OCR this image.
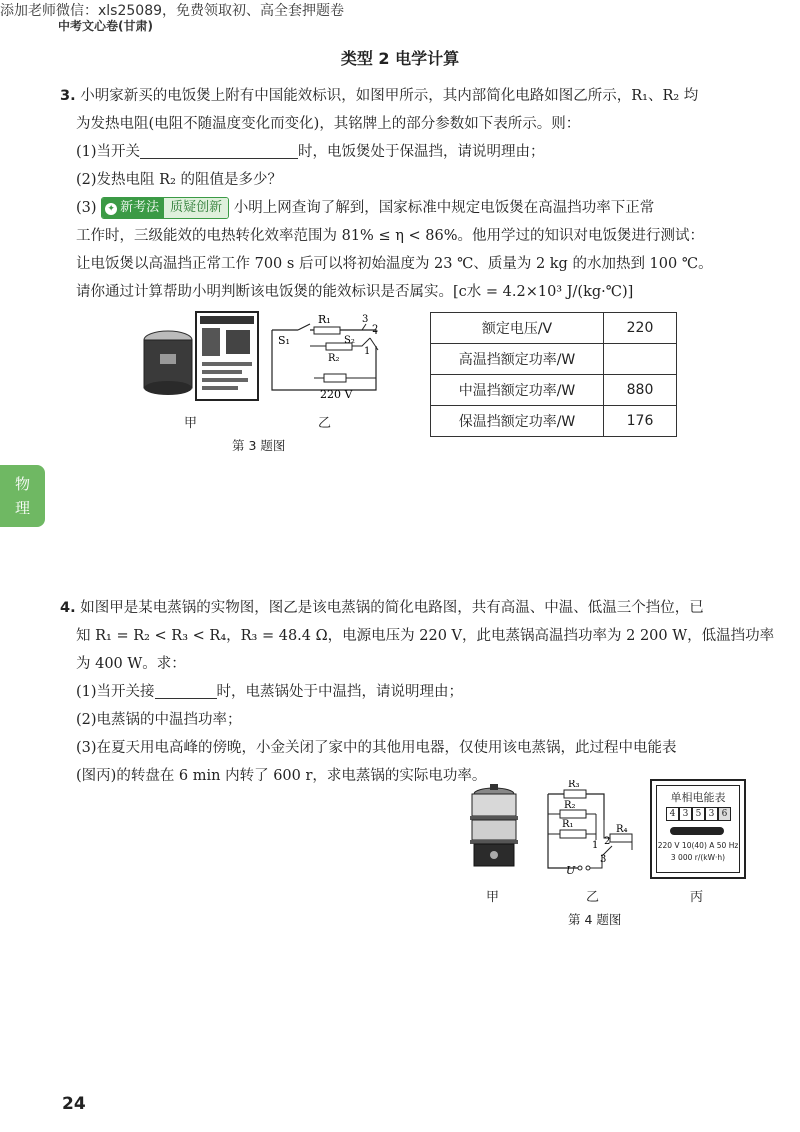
添加老师微信：xls25089，免费领取初、高全套押题卷
中考文心卷(甘肃)
类型 2 电学计算
3. 小明家新买的电饭煲上附有中国能效标识，如图甲所示，其内部简化电路如图乙所示，R₁、R₂ 均
为发热电阻(电阻不随温度变化而变化)，其铭牌上的部分参数如下表所示。则：
(1)当开关	时，电饭煲处于保温挡，请说明理由；
(2)发热电阻 R₂ 的阻值是多少？
(3) ✦ 新考法 质疑创新 小明上网查询了解到，国家标准中规定电饭煲在高温挡功率下正常
工作时，三级能效的电热转化效率范围为 81% ≤ η < 86%。他用学过的知识对电饭煲进行测试：
让电饭煲以高温挡正常工作 700 s 后可以将初始温度为 23 ℃、质量为 2 kg 的水加热到 100 ℃。
请你通过计算帮助小明判断该电饭煲的能效标识是否属实。[c水 = 4.2×10³ J/(kg·℃)]
S₁
R₁
S₂
R₂
1
2
3
220 V
甲	乙
第 3 题图
额定电压/V	220
高温挡额定功率/W	
中温挡额定功率/W	880
保温挡额定功率/W	176
物
理
4. 如图甲是某电蒸锅的实物图，图乙是该电蒸锅的简化电路图，共有高温、中温、低温三个挡位，已
知 R₁ = R₂ < R₃ < R₄，R₃ = 48.4 Ω，电源电压为 220 V，此电蒸锅高温挡功率为 2 200 W，低温挡功率
为 400 W。求：
(1)当开关接	时，电蒸锅处于中温挡，请说明理由；
(2)电蒸锅的中温挡功率；
(3)在夏天用电高峰的傍晚，小金关闭了家中的其他用电器，仅使用该电蒸锅，此过程中电能表
(图丙)的转盘在 6 min 内转了 600 r，求电蒸锅的实际电功率。
R₃
R₂
R₁	R₄
1 2
3
U
单相电能表
4 3 5 3 6
220 V 10(40) A 50 Hz
3 000 r/(kW·h)
甲	乙	丙
第 4 题图
24
